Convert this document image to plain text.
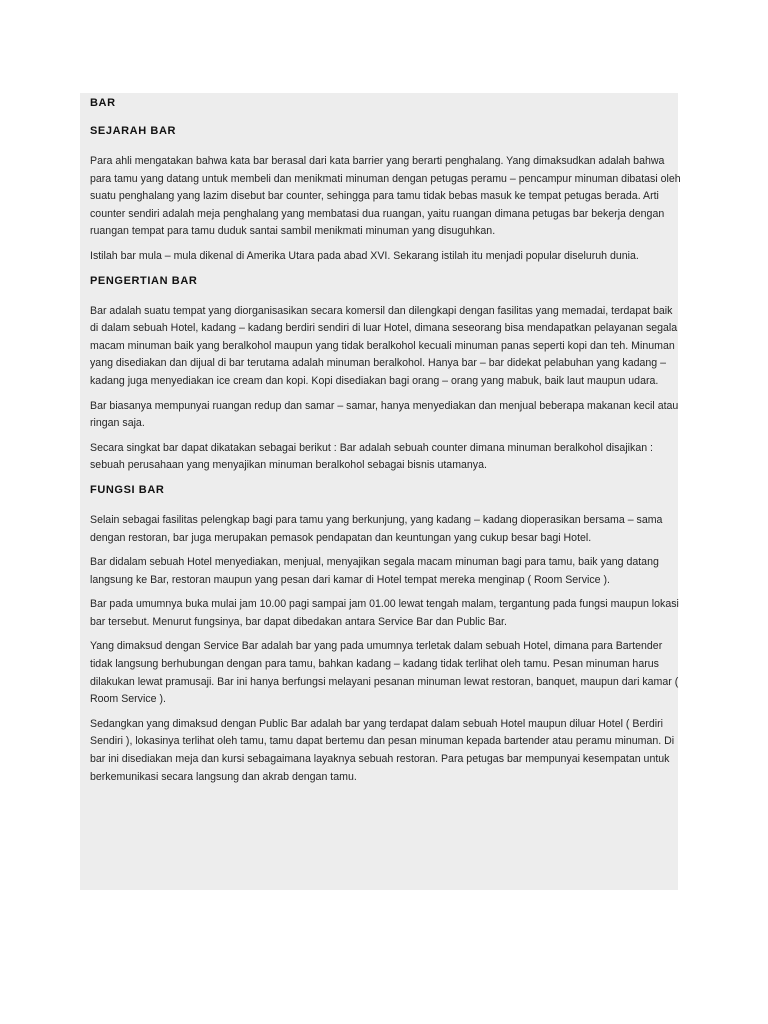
BAR

SEJARAH BAR

Para ahli mengatakan bahwa kata bar berasal dari kata barrier yang berarti penghalang. Yang dimaksudkan adalah bahwa para tamu yang datang untuk membeli dan menikmati minuman dengan petugas peramu – pencampur minuman dibatasi oleh suatu penghalang yang lazim disebut bar counter, sehingga para tamu tidak bebas masuk ke tempat petugas berada. Arti counter sendiri adalah meja penghalang yang membatasi dua ruangan, yaitu ruangan dimana petugas bar bekerja dengan ruangan tempat para tamu duduk santai sambil menikmati minuman yang disuguhkan.

Istilah bar mula – mula dikenal di Amerika Utara pada abad XVI. Sekarang istilah itu menjadi popular diseluruh dunia.

PENGERTIAN BAR

Bar adalah suatu tempat yang diorganisasikan secara komersil dan dilengkapi dengan fasilitas yang memadai, terdapat baik di dalam sebuah Hotel, kadang – kadang berdiri sendiri di luar Hotel, dimana seseorang bisa mendapatkan pelayanan segala macam minuman baik yang beralkohol maupun yang tidak beralkohol kecuali minuman panas seperti kopi dan teh. Minuman yang disediakan dan dijual di bar terutama adalah minuman beralkohol. Hanya bar – bar didekat pelabuhan yang kadang – kadang juga menyediakan ice cream dan kopi. Kopi disediakan bagi orang – orang yang mabuk, baik laut maupun udara.

Bar biasanya mempunyai ruangan redup dan samar – samar, hanya menyediakan dan menjual beberapa makanan kecil atau ringan saja.

Secara singkat bar dapat dikatakan sebagai berikut : Bar adalah sebuah counter dimana minuman beralkohol disajikan : sebuah perusahaan yang menyajikan minuman beralkohol sebagai bisnis utamanya.

FUNGSI BAR

Selain sebagai fasilitas pelengkap bagi para tamu yang berkunjung, yang kadang – kadang dioperasikan bersama – sama dengan restoran, bar juga merupakan pemasok pendapatan dan keuntungan yang cukup besar bagi Hotel.

Bar didalam sebuah Hotel menyediakan, menjual, menyajikan segala macam minuman bagi para tamu, baik yang datang langsung ke Bar, restoran maupun yang pesan dari kamar di Hotel tempat mereka menginap ( Room Service ).

Bar pada umumnya buka mulai jam 10.00 pagi sampai jam 01.00 lewat tengah malam, tergantung pada fungsi maupun lokasi bar tersebut. Menurut fungsinya, bar dapat dibedakan antara Service Bar dan Public Bar.

Yang dimaksud dengan Service Bar adalah bar yang pada umumnya terletak dalam sebuah Hotel, dimana para Bartender tidak langsung berhubungan dengan para tamu, bahkan kadang – kadang tidak terlihat oleh tamu. Pesan minuman harus dilakukan lewat pramusaji. Bar ini hanya berfungsi melayani pesanan minuman lewat restoran, banquet, maupun dari kamar ( Room Service ).

Sedangkan yang dimaksud dengan Public Bar adalah bar yang terdapat dalam sebuah Hotel maupun diluar Hotel ( Berdiri Sendiri ), lokasinya terlihat oleh tamu, tamu dapat bertemu dan pesan minuman kepada bartender atau peramu minuman. Di bar ini disediakan meja dan kursi sebagaimana layaknya sebuah restoran. Para petugas bar mempunyai kesempatan untuk berkemunikasi secara langsung dan akrab dengan tamu.
